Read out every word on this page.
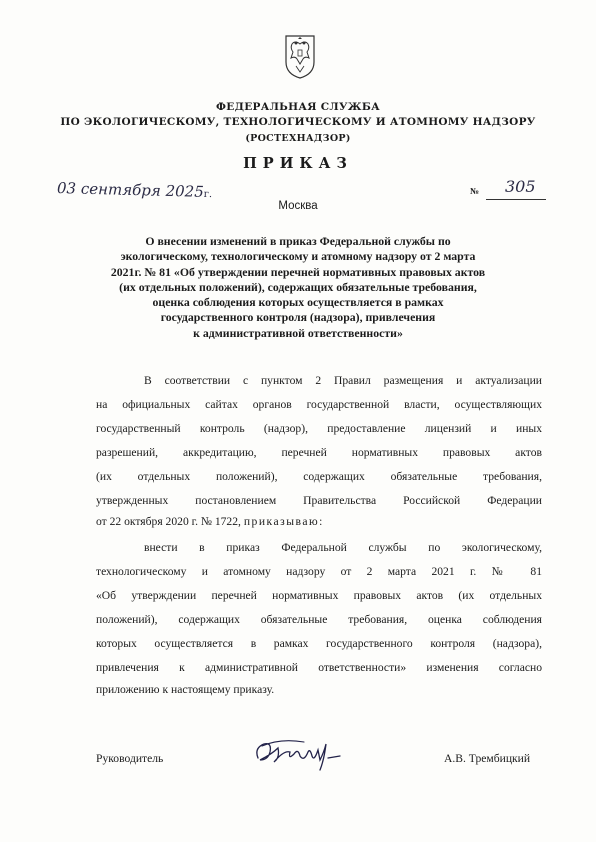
ФЕДЕРАЛЬНАЯ СЛУЖБА
ПО ЭКОЛОГИЧЕСКОМУ, ТЕХНОЛОГИЧЕСКОМУ И АТОМНОМУ НАДЗОРУ
(РОСТЕХНАДЗОР)
ПРИКАЗ
03 сентября 2025г.	№ 305
Москва
О внесении изменений в приказ Федеральной службы по
экологическому, технологическому и атомному надзору от 2 марта
2021г. № 81 «Об утверждении перечней нормативных правовых актов
(их отдельных положений), содержащих обязательные требования,
оценка соблюдения которых осуществляется в рамках
государственного контроля (надзора), привлечения
к административной ответственности»
В соответствии с пунктом 2 Правил размещения и актуализации
на официальных сайтах органов государственной власти, осуществляющих
государственный контроль (надзор), предоставление лицензий и иных
разрешений, аккредитацию, перечней нормативных правовых актов
(их отдельных положений), содержащих обязательные требования,
утвержденных постановлением Правительства Российской Федерации
от 22 октября 2020 г. № 1722, приказываю:
внести в приказ Федеральной службы по экологическому,
технологическому и атомному надзору от 2 марта 2021 г. № 81
«Об утверждении перечней нормативных правовых актов (их отдельных
положений), содержащих обязательные требования, оценка соблюдения
которых осуществляется в рамках государственного контроля (надзора),
привлечения к административной ответственности» изменения согласно
приложению к настоящему приказу.
Руководитель	А.В. Трембицкий
